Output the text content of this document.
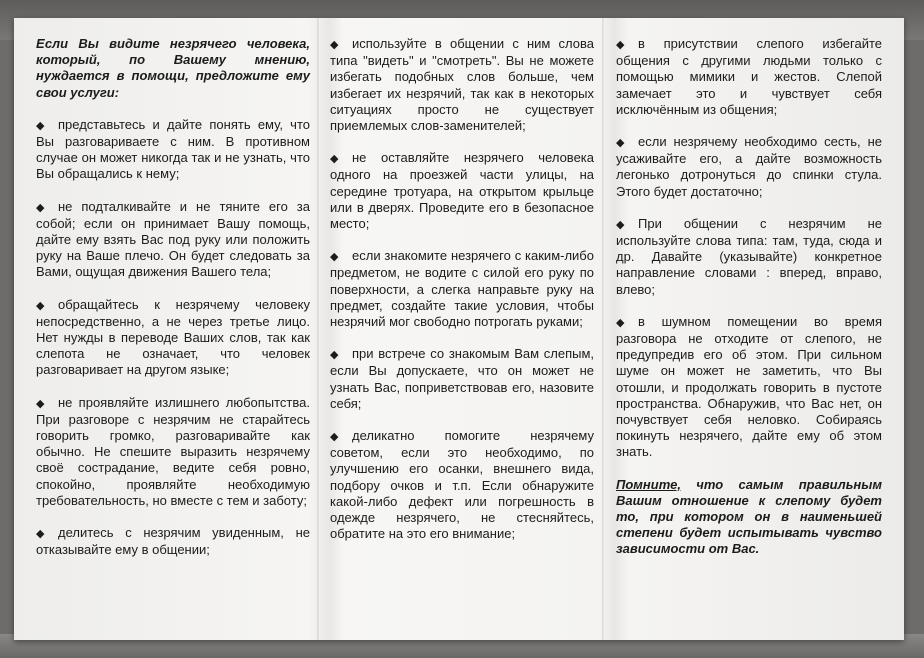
Если Вы видите незрячего человека, который, по Вашему мнению, нуждается в помощи, предложите ему свои услуги:

◆ представьтесь и дайте понять ему, что Вы разговариваете с ним. В противном случае он может никогда так и не узнать, что Вы обращались к нему;

◆ не подталкивайте и не тяните его за собой; если он принимает Вашу помощь, дайте ему взять Вас под руку или положить руку на Ваше плечо. Он будет следовать за Вами, ощущая движения Вашего тела;

◆ обращайтесь к незрячему человеку непосредственно, а не через третье лицо. Нет нужды в переводе Ваших слов, так как слепота не означает, что человек разговаривает на другом языке;

◆ не проявляйте излишнего любопытства. При разговоре с незрячим не старайтесь говорить громко, разговаривайте как обычно. Не спешите выразить незрячему своё сострадание, ведите себя ровно, спокойно, проявляйте необходимую требовательность, но вместе с тем и заботу;

◆ делитесь с незрячим увиденным, не отказывайте ему в общении;

◆ используйте в общении с ним слова типа "видеть" и "смотреть". Вы не можете избегать подобных слов больше, чем избегает их незрячий, так как в некоторых ситуациях просто не существует приемлемых слов-заменителей;

◆ не оставляйте незрячего человека одного на проезжей части улицы, на середине тротуара, на открытом крыльце или в дверях. Проведите его в безопасное место;

◆ если знакомите незрячего с каким-либо предметом, не водите с силой его руку по поверхности, а слегка направьте руку на предмет, создайте такие условия, чтобы незрячий мог свободно потрогать руками;

◆ при встрече со знакомым Вам слепым, если Вы допускаете, что он может не узнать Вас, поприветствовав его, назовите себя;

◆ деликатно помогите незрячему советом, если это необходимо, по улучшению его осанки, внешнего вида, подбору очков и т.п. Если обнаружите какой-либо дефект или погрешность в одежде незрячего, не стесняйтесь, обратите на это его внимание;

◆ в присутствии слепого избегайте общения с другими людьми только с помощью мимики и жестов. Слепой замечает это и чувствует себя исключённым из общения;

◆ если незрячему необходимо сесть, не усаживайте его, а дайте возможность легонько дотронуться до спинки стула. Этого будет достаточно;

◆ При общении с незрячим не используйте слова типа: там, туда, сюда и др. Давайте (указывайте) конкретное направление словами : вперед, вправо, влево;

◆ в шумном помещении во время разговора не отходите от слепого, не предупредив его об этом. При сильном шуме он может не заметить, что Вы отошли, и продолжать говорить в пустоте пространства. Обнаружив, что Вас нет, он почувствует себя неловко. Собираясь покинуть незрячего, дайте ему об этом знать.

Помните, что самым правильным Вашим отношение к слепому будет то, при котором он в наименьшей степени будет испытывать чувство зависимости от Вас.
